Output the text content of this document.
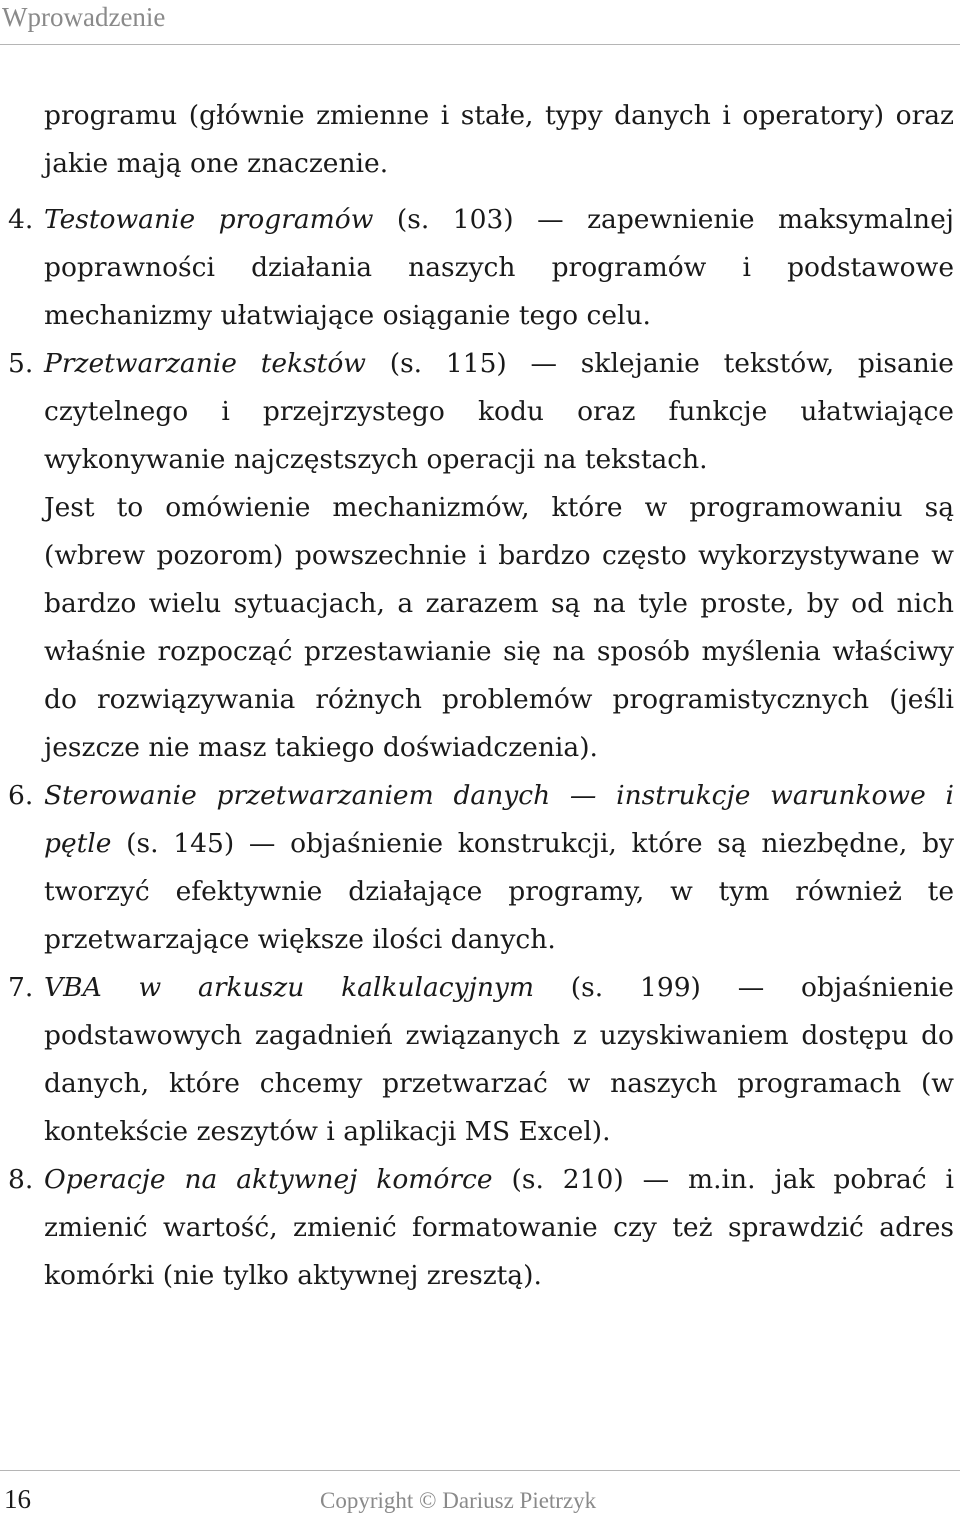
Wprowadzenie

programu (głównie zmienne i stałe, typy danych i operatory) oraz jakie mają one znaczenie.

4. Testowanie programów (s. 103) — zapewnienie maksymalnej poprawności działania naszych programów i podstawowe mechanizmy ułatwiające osiąganie tego celu.

5. Przetwarzanie tekstów (s. 115) — sklejanie tekstów, pisanie czytelnego i przejrzystego kodu oraz funkcje ułatwiające wykonywanie najczęstszych operacji na tekstach.

Jest to omówienie mechanizmów, które w programowaniu są (wbrew pozorom) powszechnie i bardzo często wykorzystywane w bardzo wielu sytuacjach, a zarazem są na tyle proste, by od nich właśnie rozpocząć przestawianie się na sposób myślenia właściwy do rozwiązywania różnych problemów programistycznych (jeśli jeszcze nie masz takiego doświadczenia).

6. Sterowanie przetwarzaniem danych — instrukcje warunkowe i pętle (s. 145) — objaśnienie konstrukcji, które są niezbędne, by tworzyć efektywnie działające programy, w tym również te przetwarzające większe ilości danych.

7. VBA w arkuszu kalkulacyjnym (s. 199) — objaśnienie podstawowych zagadnień związanych z uzyskiwaniem dostępu do danych, które chcemy przetwarzać w naszych programach (w kontekście zeszytów i aplikacji MS Excel).

8. Operacje na aktywnej komórce (s. 210) — m.in. jak pobrać i zmienić wartość, zmienić formatowanie czy też sprawdzić adres komórki (nie tylko aktywnej zresztą).

16	Copyright © Dariusz Pietrzyk
